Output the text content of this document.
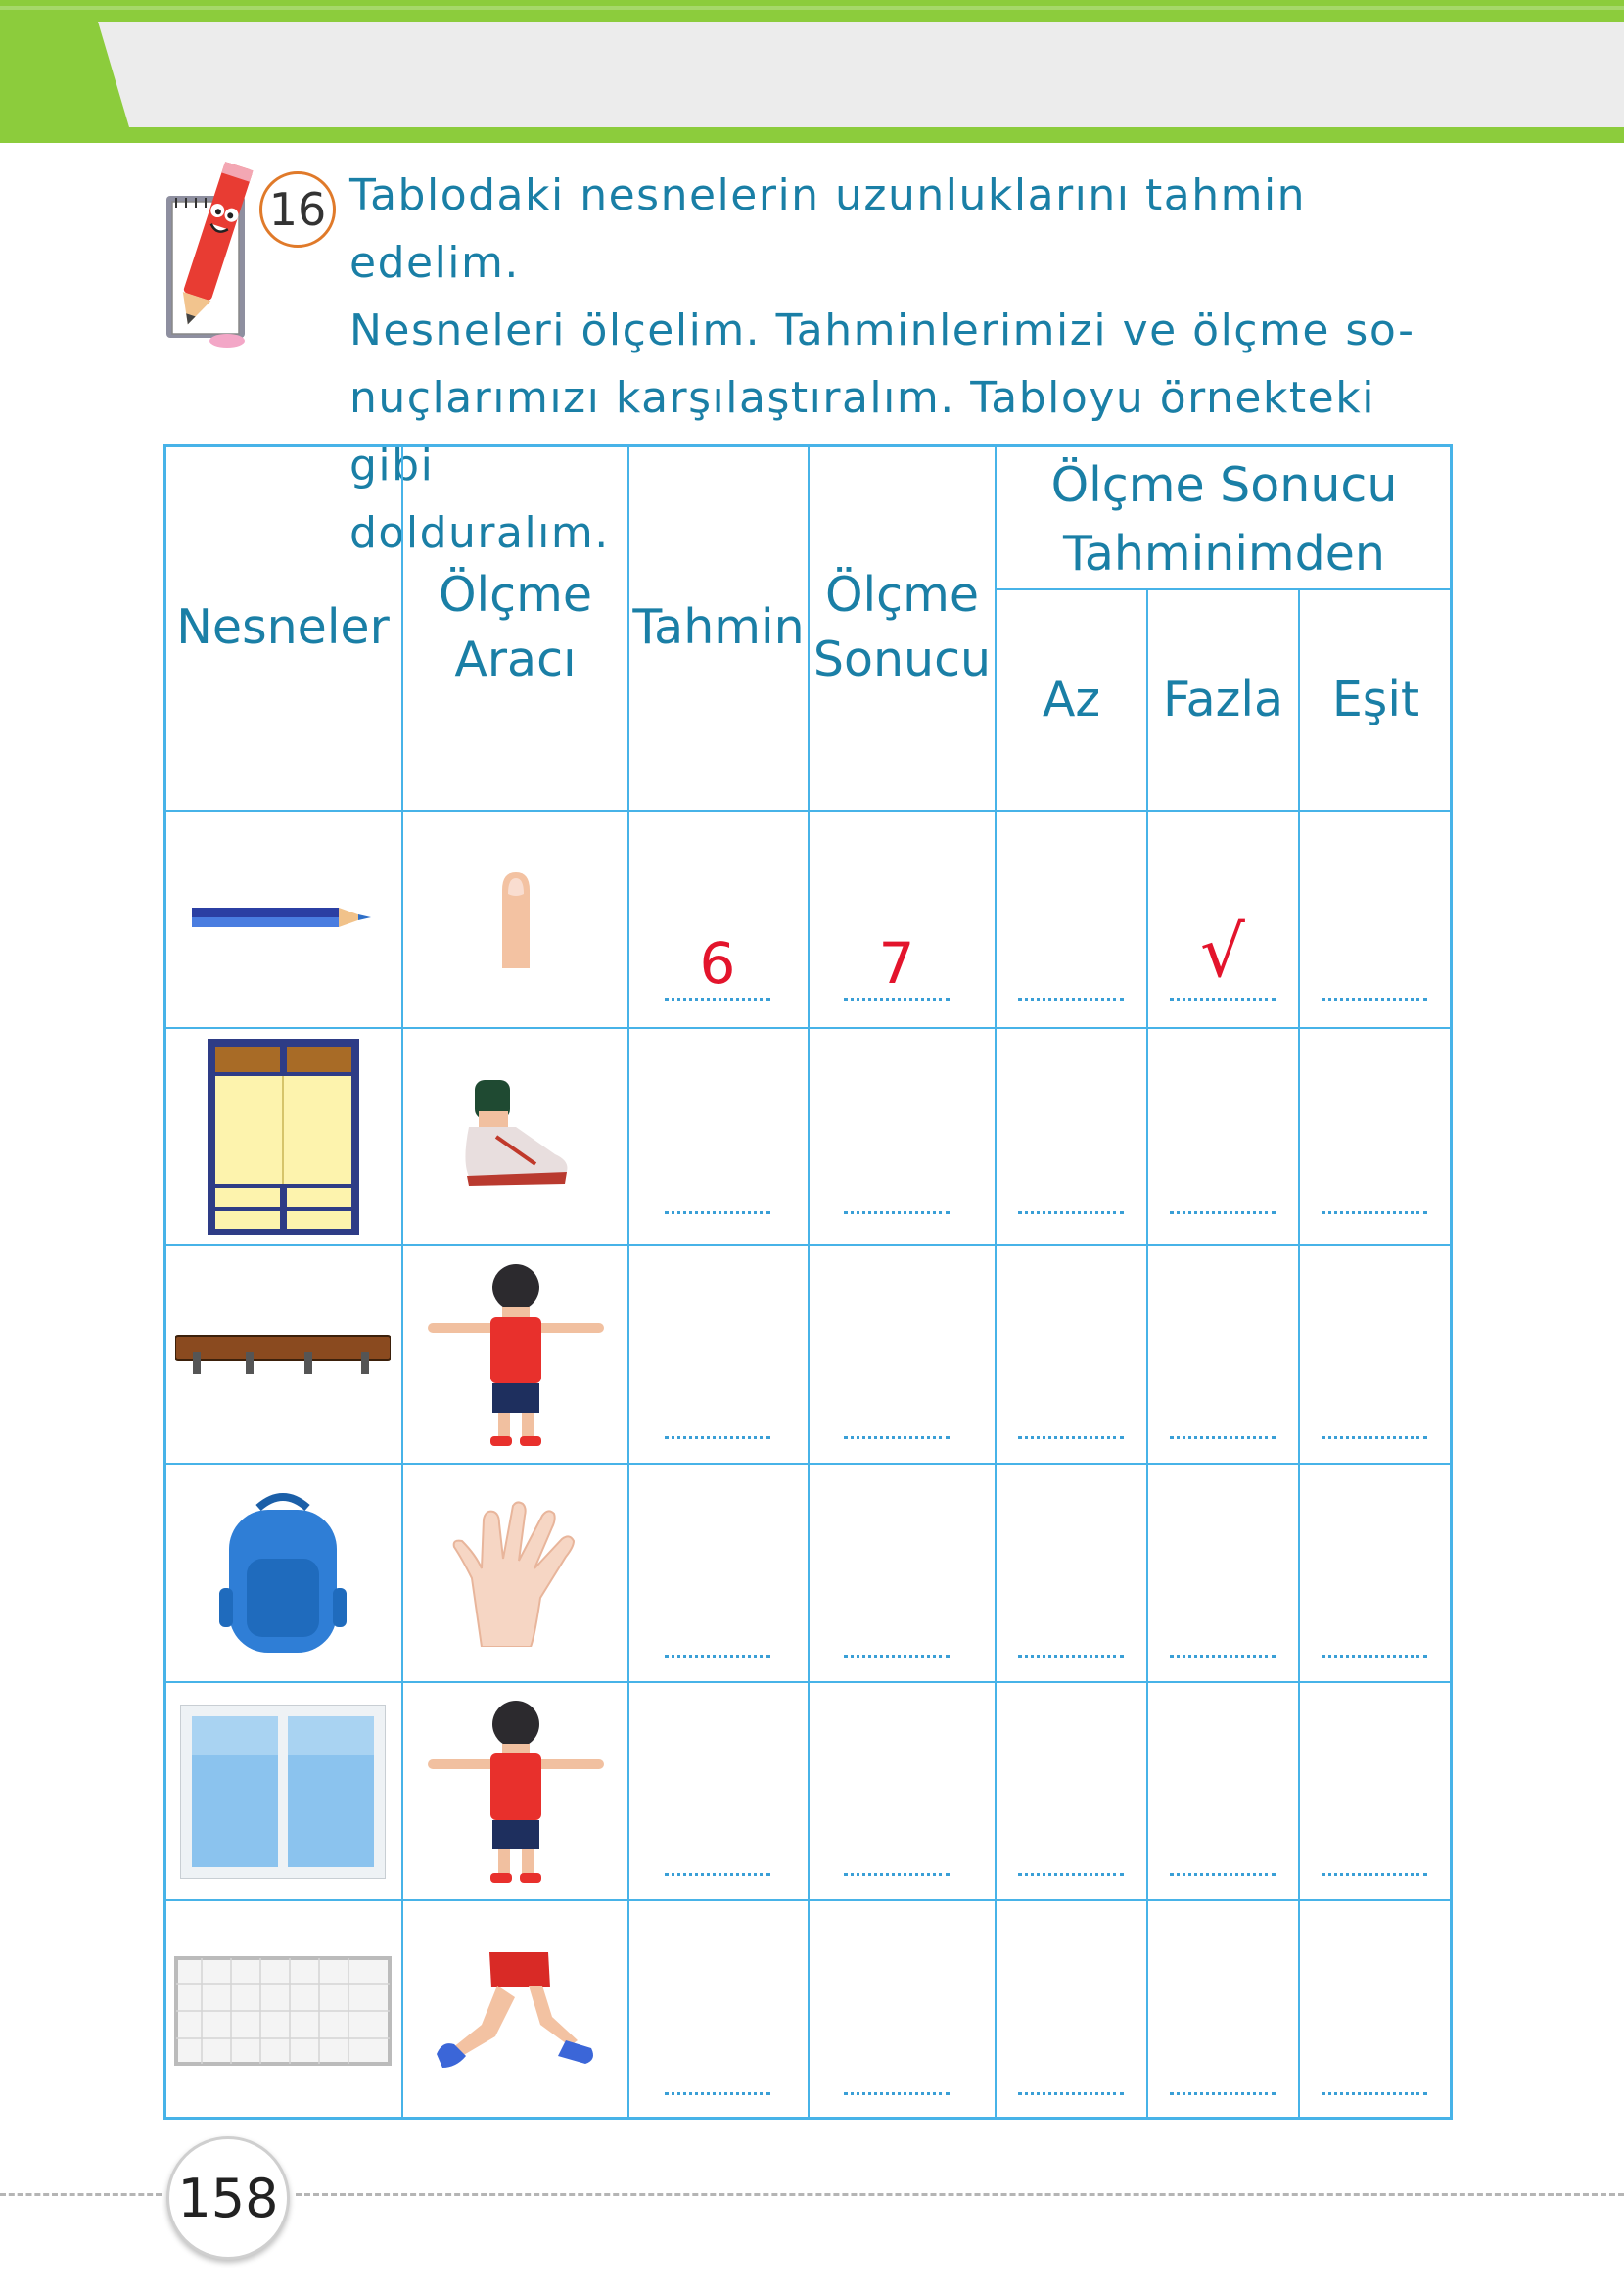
16 Tablodaki nesnelerin uzunluklarını tahmin edelim.
Nesneleri ölçelim. Tahminlerimizi ve ölçme so-
nuçlarımızı karşılaştıralım. Tabloyu örnekteki gibi
dolduralım.
Nesneler
Ölçme
Aracı
Tahmin
Ölçme
Sonucu
Ölçme Sonucu
Tahminimden
Az Fazla Eşit
6	7	√
158
